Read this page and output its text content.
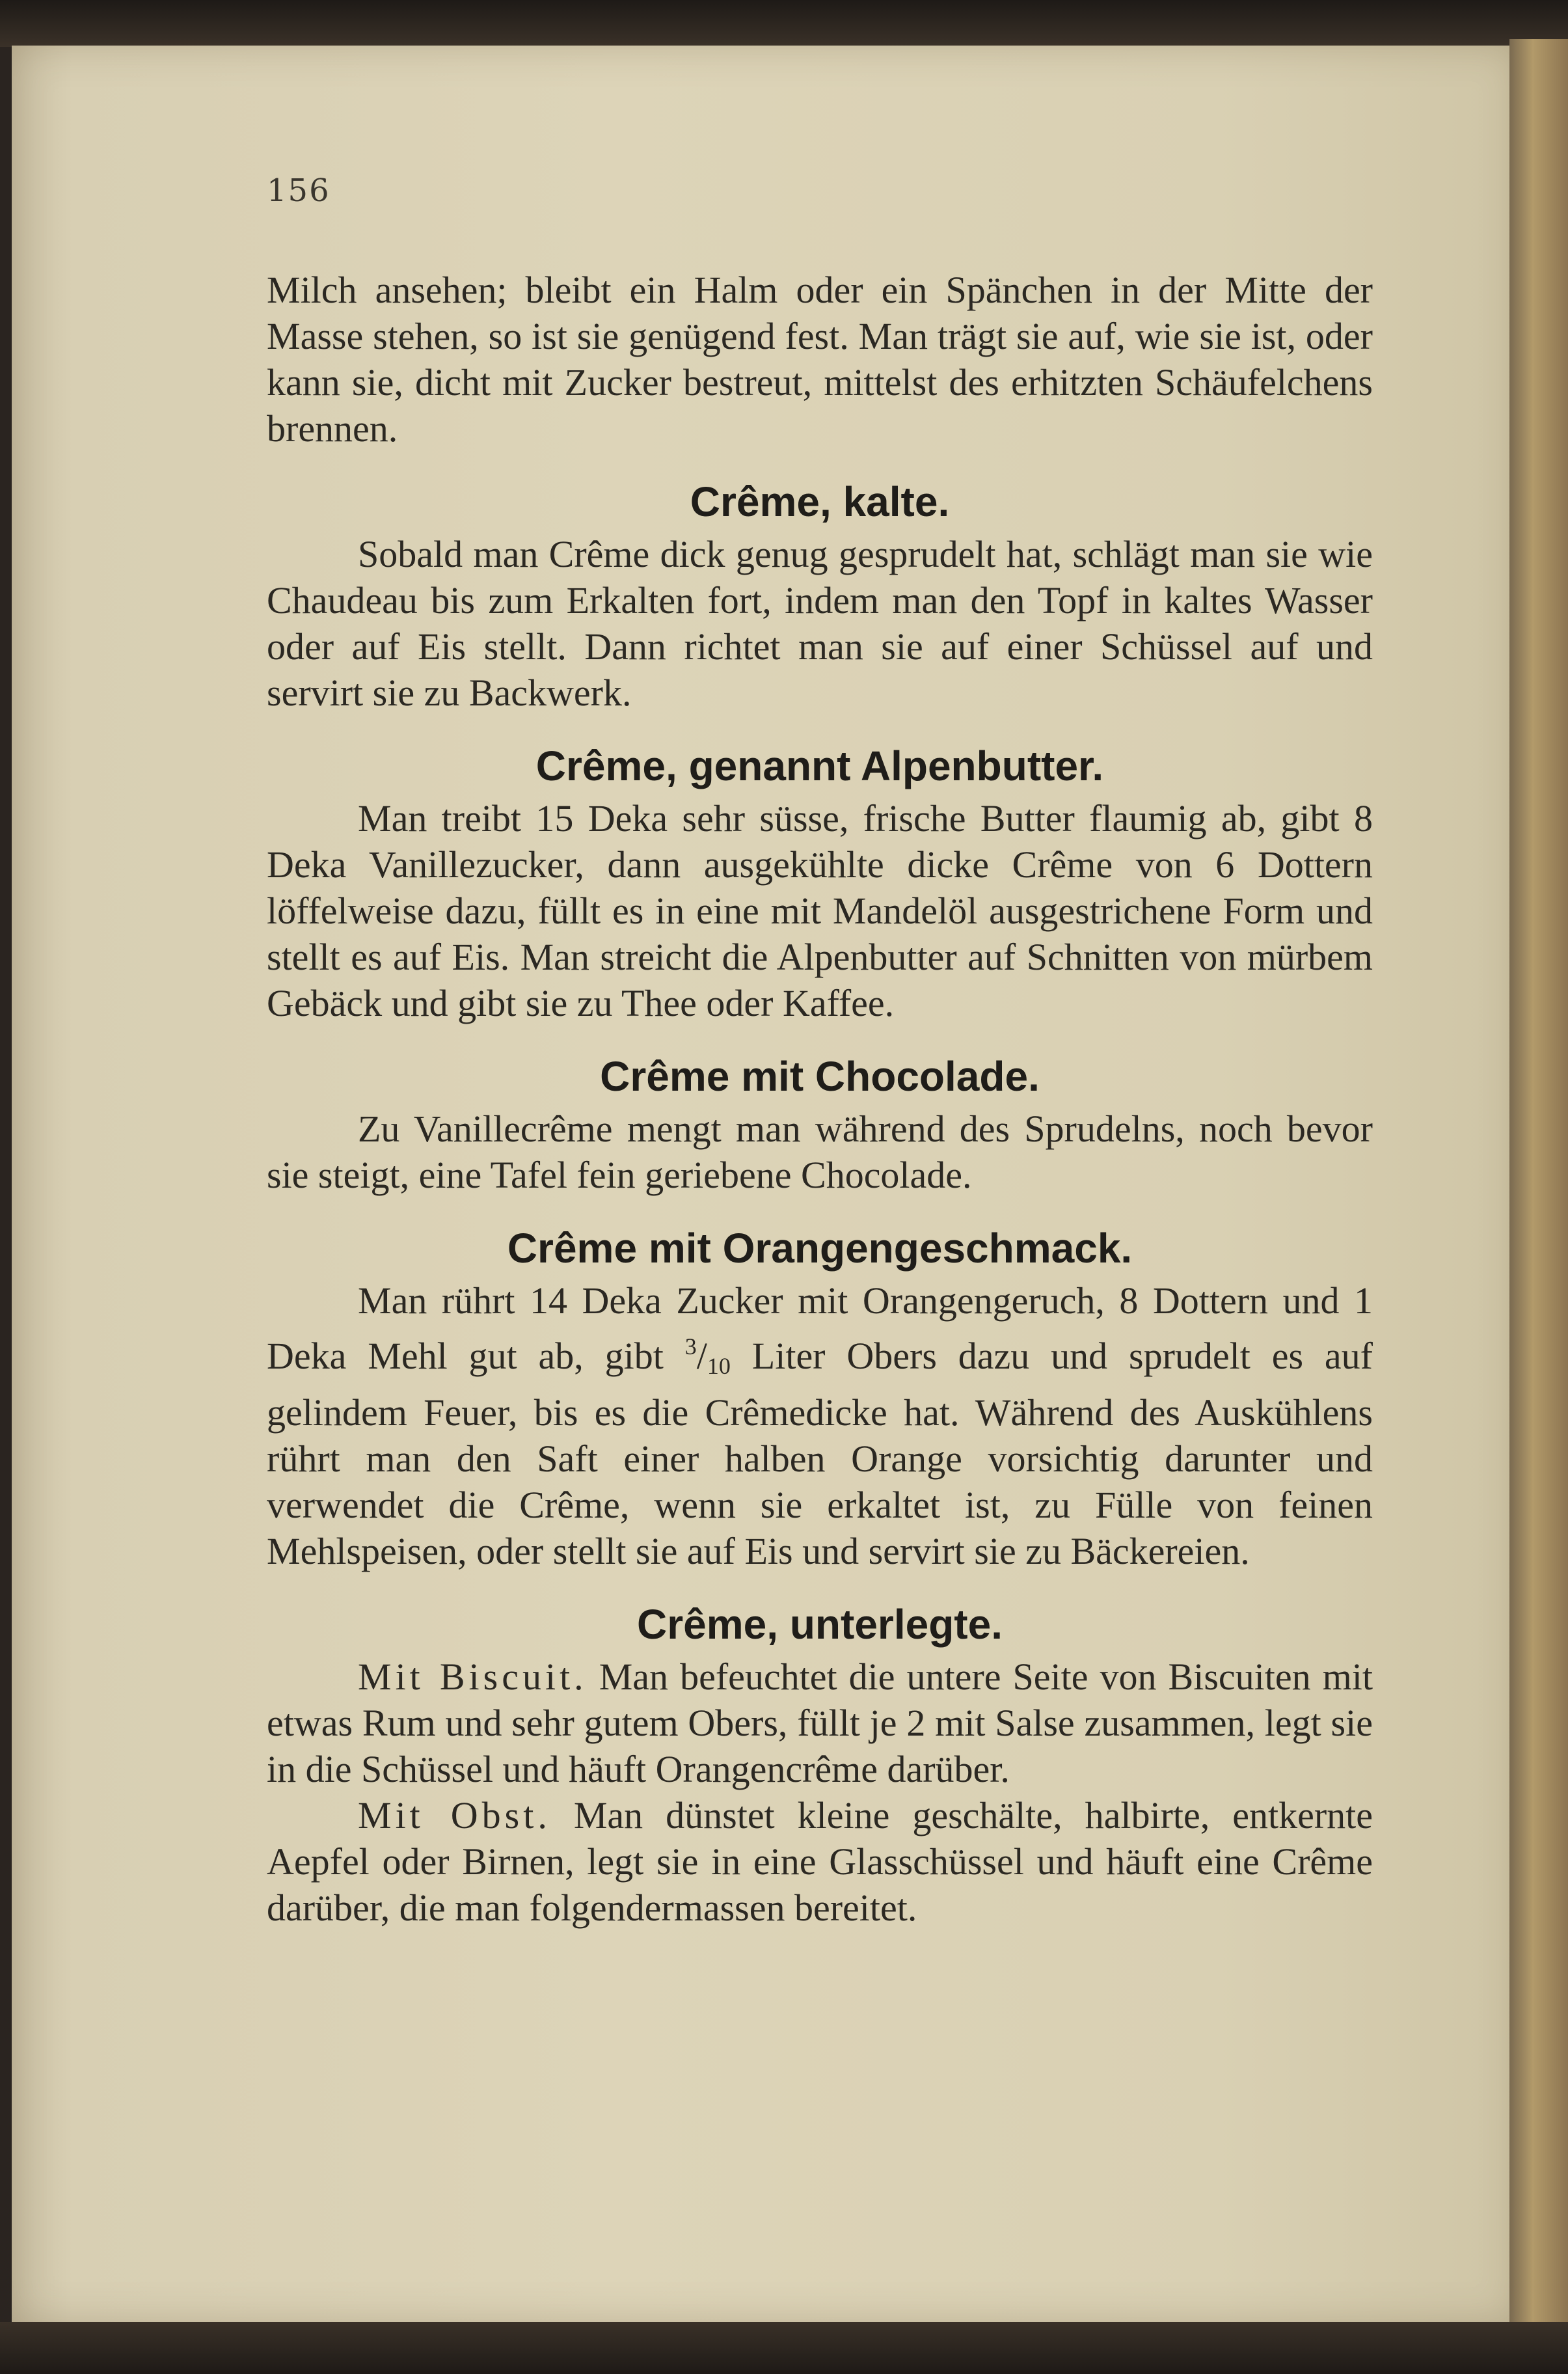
156

Milch ansehen; bleibt ein Halm oder ein Spänchen in der Mitte der Masse stehen, so ist sie genügend fest. Man trägt sie auf, wie sie ist, oder kann sie, dicht mit Zucker bestreut, mittelst des erhitzten Schäufelchens brennen.

Crême, kalte.

Sobald man Crême dick genug gesprudelt hat, schlägt man sie wie Chaudeau bis zum Erkalten fort, indem man den Topf in kaltes Wasser oder auf Eis stellt. Dann richtet man sie auf einer Schüssel auf und servirt sie zu Backwerk.

Crême, genannt Alpenbutter.

Man treibt 15 Deka sehr süsse, frische Butter flaumig ab, gibt 8 Deka Vanillezucker, dann ausgekühlte dicke Crême von 6 Dottern löffelweise dazu, füllt es in eine mit Mandelöl ausgestrichene Form und stellt es auf Eis. Man streicht die Alpenbutter auf Schnitten von mürbem Gebäck und gibt sie zu Thee oder Kaffee.

Crême mit Chocolade.

Zu Vanillecrême mengt man während des Sprudelns, noch bevor sie steigt, eine Tafel fein geriebene Chocolade.

Crême mit Orangengeschmack.

Man rührt 14 Deka Zucker mit Orangengeruch, 8 Dottern und 1 Deka Mehl gut ab, gibt $^3/_{10}$ Liter Obers dazu und sprudelt es auf gelindem Feuer, bis es die Crêmedicke hat. Während des Auskühlens rührt man den Saft einer halben Orange vorsichtig darunter und verwendet die Crême, wenn sie erkaltet ist, zu Fülle von feinen Mehlspeisen, oder stellt sie auf Eis und servirt sie zu Bäckereien.

Crême, unterlegte.

Mit Biscuit. Man befeuchtet die untere Seite von Biscuiten mit etwas Rum und sehr gutem Obers, füllt je 2 mit Salse zusammen, legt sie in die Schüssel und häuft Orangencrême darüber.

Mit Obst. Man dünstet kleine geschälte, halbirte, entkernte Aepfel oder Birnen, legt sie in eine Glasschüssel und häuft eine Crême darüber, die man folgendermassen bereitet.
